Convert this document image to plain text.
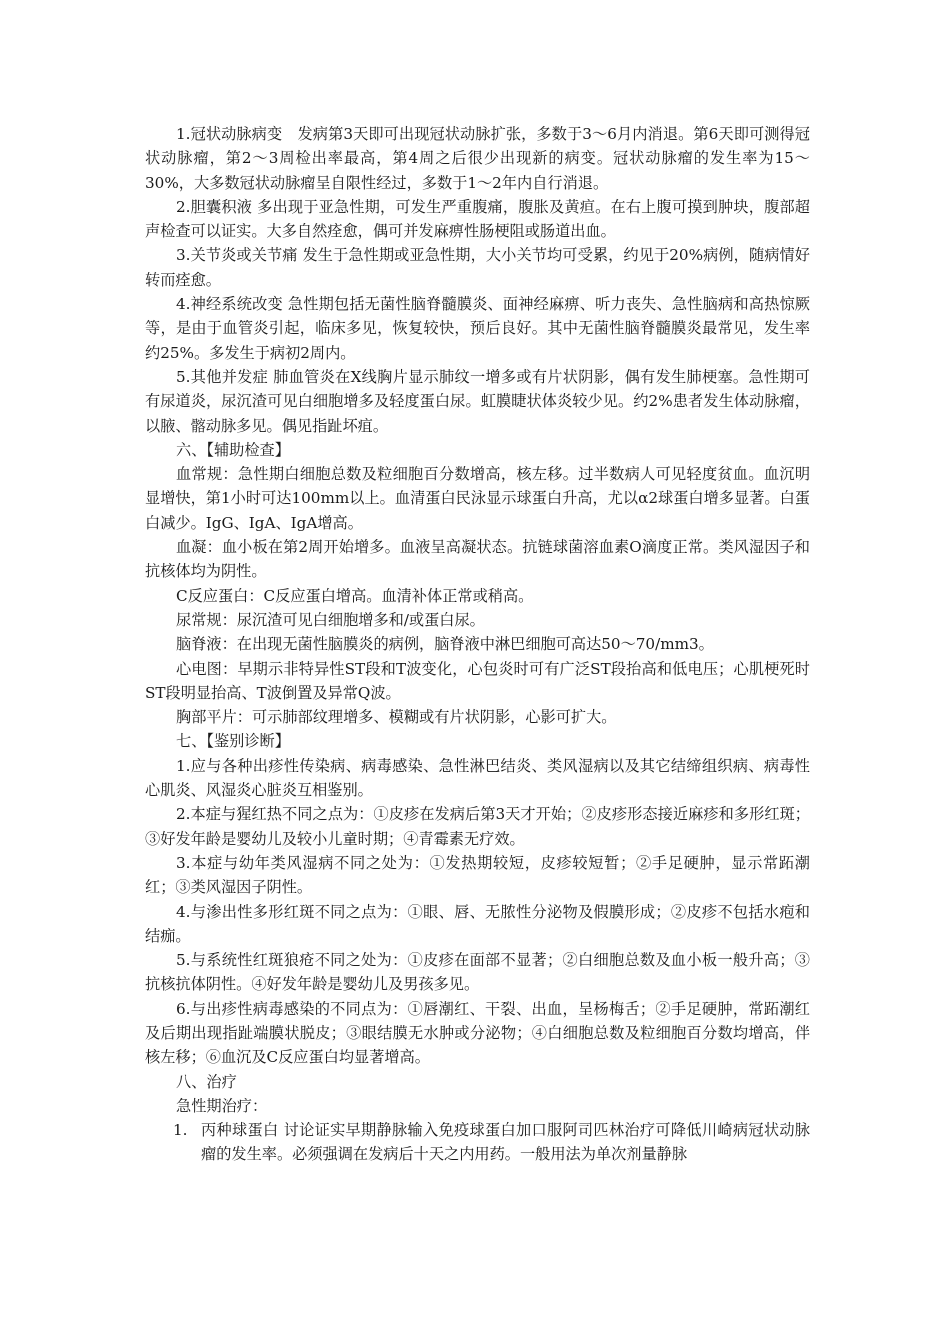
1.冠状动脉病变　发病第3天即可出现冠状动脉扩张，多数于3～6月内消退。第6天即可测得冠状动脉瘤，第2～3周检出率最高，第4周之后很少出现新的病变。冠状动脉瘤的发生率为15～30%，大多数冠状动脉瘤呈自限性经过，多数于1～2年内自行消退。

2.胆囊积液 多出现于亚急性期，可发生严重腹痛，腹胀及黄疸。在右上腹可摸到肿块，腹部超声检查可以证实。大多自然痊愈，偶可并发麻痹性肠梗阻或肠道出血。

3.关节炎或关节痛 发生于急性期或亚急性期，大小关节均可受累，约见于20%病例，随病情好转而痊愈。

4.神经系统改变 急性期包括无菌性脑脊髓膜炎、面神经麻痹、听力丧失、急性脑病和高热惊厥等，是由于血管炎引起，临床多见，恢复较快，预后良好。其中无菌性脑脊髓膜炎最常见，发生率约25%。多发生于病初2周内。

5.其他并发症 肺血管炎在X线胸片显示肺纹一增多或有片状阴影，偶有发生肺梗塞。急性期可有尿道炎，尿沉渣可见白细胞增多及轻度蛋白尿。虹膜睫状体炎较少见。约2%患者发生体动脉瘤，以腋、髂动脉多见。偶见指趾坏疽。

六、【辅助检查】

血常规：急性期白细胞总数及粒细胞百分数增高，核左移。过半数病人可见轻度贫血。血沉明显增快，第1小时可达100mm以上。血清蛋白民泳显示球蛋白升高，尤以α2球蛋白增多显著。白蛋白减少。IgG、IgA、IgA增高。

血凝：血小板在第2周开始增多。血液呈高凝状态。抗链球菌溶血素O滴度正常。类风湿因子和抗核体均为阴性。

C反应蛋白：C反应蛋白增高。血清补体正常或稍高。

尿常规：尿沉渣可见白细胞增多和/或蛋白尿。

脑脊液：在出现无菌性脑膜炎的病例，脑脊液中淋巴细胞可高达50～70/mm3。

心电图：早期示非特异性ST段和T波变化，心包炎时可有广泛ST段抬高和低电压；心肌梗死时ST段明显抬高、T波倒置及异常Q波。

胸部平片：可示肺部纹理增多、模糊或有片状阴影，心影可扩大。

七、【鉴别诊断】

1.应与各种出疹性传染病、病毒感染、急性淋巴结炎、类风湿病以及其它结缔组织病、病毒性心肌炎、风湿炎心脏炎互相鉴别。

2.本症与猩红热不同之点为：①皮疹在发病后第3天才开始；②皮疹形态接近麻疹和多形红斑；③好发年龄是婴幼儿及较小儿童时期；④青霉素无疗效。

3.本症与幼年类风湿病不同之处为：①发热期较短，皮疹较短暂；②手足硬肿，显示常跖潮红；③类风湿因子阴性。

4.与渗出性多形红斑不同之点为：①眼、唇、无脓性分泌物及假膜形成；②皮疹不包括水疱和结痂。

5.与系统性红斑狼疮不同之处为：①皮疹在面部不显著；②白细胞总数及血小板一般升高；③抗核抗体阴性。④好发年龄是婴幼儿及男孩多见。

6.与出疹性病毒感染的不同点为：①唇潮红、干裂、出血，呈杨梅舌；②手足硬肿，常跖潮红及后期出现指趾端膜状脱皮；③眼结膜无水肿或分泌物；④白细胞总数及粒细胞百分数均增高，伴核左移；⑥血沉及C反应蛋白均显著增高。

八、治疗

急性期治疗：

1. 丙种球蛋白 讨论证实早期静脉输入免疫球蛋白加口服阿司匹林治疗可降低川崎病冠状动脉瘤的发生率。必须强调在发病后十天之内用药。一般用法为单次剂量静脉
